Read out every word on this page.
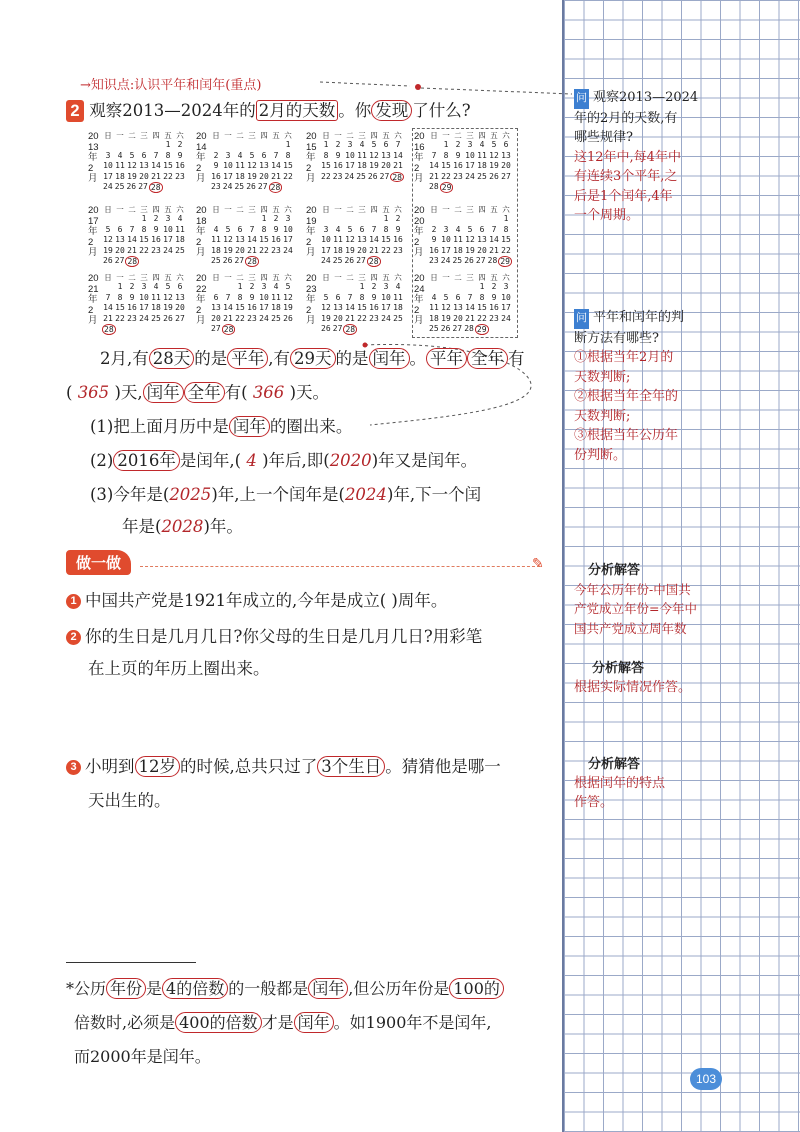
→知识点:认识平年和闰年(重点)
2 观察2013—2024年的 2月的天数 。你 发现 了什么?
2013年2月
日 一 二 三 四 五 六
1 2
3 4 5 6 7 8 9
10 11 12 13 14 15 16
17 18 19 20 21 22 23
24 25 26 27 28
2014年2月
日 一 二 三 四 五 六
1
2 3 4 5 6 7 8
9 10 11 12 13 14 15
16 17 18 19 20 21 22
23 24 25 26 27 28
2015年2月
日 一 二 三 四 五 六
1 2 3 4 5 6 7
8 9 10 11 12 13 14
15 16 17 18 19 20 21
22 23 24 25 26 27 28
2016年2月
日 一 二 三 四 五 六
1 2 3 4 5 6
7 8 9 10 11 12 13
14 15 16 17 18 19 20
21 22 23 24 25 26 27
28 29
2017年2月
日 一 二 三 四 五 六
1 2 3 4
5 6 7 8 9 10 11
12 13 14 15 16 17 18
19 20 21 22 23 24 25
26 27 28
2018年2月
日 一 二 三 四 五 六
1 2 3
4 5 6 7 8 9 10
11 12 13 14 15 16 17
18 19 20 21 22 23 24
25 26 27 28
2019年2月
日 一 二 三 四 五 六
1 2
3 4 5 6 7 8 9
10 11 12 13 14 15 16
17 18 19 20 21 22 23
24 25 26 27 28
2020年2月
日 一 二 三 四 五 六
1
2 3 4 5 6 7 8
9 10 11 12 13 14 15
16 17 18 19 20 21 22
23 24 25 26 27 28 29
2021年2月
日 一 二 三 四 五 六
1 2 3 4 5 6
7 8 9 10 11 12 13
14 15 16 17 18 19 20
21 22 23 24 25 26 27
28
2022年2月
日 一 二 三 四 五 六
1 2 3 4 5
6 7 8 9 10 11 12
13 14 15 16 17 18 19
20 21 22 23 24 25 26
27 28
2023年2月
日 一 二 三 四 五 六
1 2 3 4
5 6 7 8 9 10 11
12 13 14 15 16 17 18
19 20 21 22 23 24 25
26 27 28
2024年2月
日 一 二 三 四 五 六
1 2 3
4 5 6 7 8 9 10
11 12 13 14 15 16 17
18 19 20 21 22 23 24
25 26 27 28 29
2月,有 28天 的是 平年 ,有 29天 的是 闰年 。 平年 全年 有
( 365 )天, 闰年 全年 有( 366 )天。
(1)把上面月历中是 闰年 的圈出来。
(2) 2016年 是闰年,( 4 )年后,即(2020)年又是闰年。
(3)今年是(2025)年,上一个闰年是(2024)年,下一个闰
年是(2028)年。
做一做	✎
1 中国共产党是1921年成立的,今年是成立( )周年。
2 你的生日是几月几日?你父母的生日是几月几日?用彩笔
在上页的年历上圈出来。
3 小明到 12岁 的时候,总共只过了 3个生日 。猜猜他是哪一
天出生的。
*公历 年份 是 4的倍数 的一般都是 闰年 ,但公历年份是 100的
倍数时,必须是 400的倍数 才是 闰年 。如1900年不是闰年,
而2000年是闰年。
问 观察2013—2024
年的2月的天数,有
哪些规律?
这12年中,每4年中
有连续3个平年,之
后是1个闰年,4年
一个周期。
问 平年和闰年的判
断方法有哪些?
①根据当年2月的
天数判断;
②根据当年全年的
天数判断;
③根据当年公历年
份判断。
分析解答
今年公历年份-中国共
产党成立年份=今年中
国共产党成立周年数
分析解答
根据实际情况作答。
分析解答
根据闰年的特点
作答。
103
